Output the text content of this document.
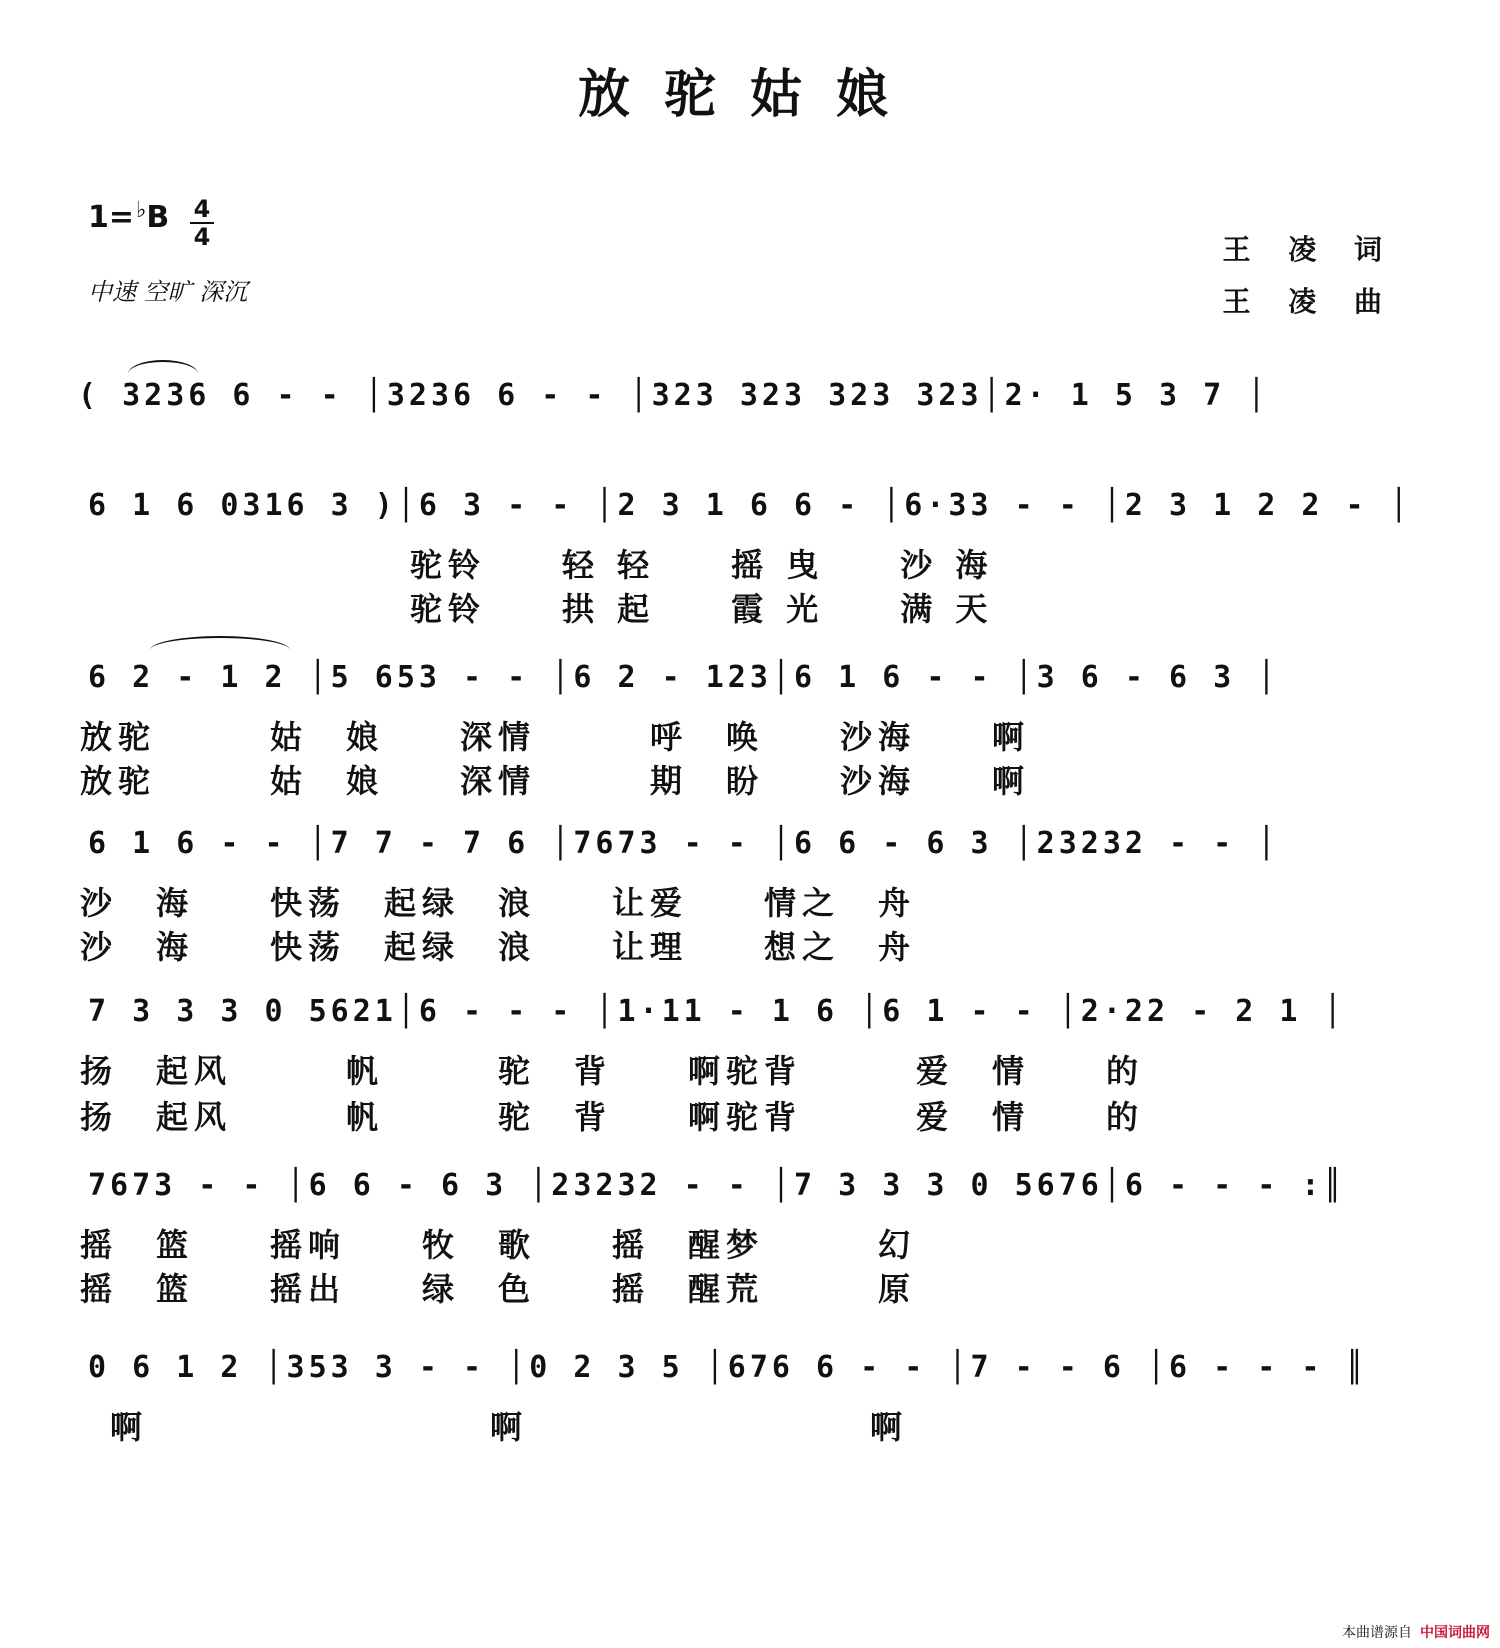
放驼姑娘
1=♭B 4
4
中速 空旷 深沉
王 凌 词
王 凌 曲
( 3236 6 - - │3236 6 - - │323 323 323 323│2· 1 5 3 7 │
6 1 6 0316 3 )│6 3 - - │2 3 1 6 6 - │6·33 - - │2 3 1 2 2 - │
驼铃　　轻 轻　　摇 曳　　沙 海
驼铃　　拱 起　　霞 光　　满 天
6 2 - 1 2 │5 653 - - │6 2 - 123│6 1 6 - - │3 6 - 6 3 │
放驼　　　姑　娘　　深情　　　呼　唤　　沙海　　啊
放驼　　　姑　娘　　深情　　　期　盼　　沙海　　啊
6 1 6 - - │7 7 - 7 6 │7673 - - │6 6 - 6 3 │23232 - - │
沙　海　　快荡　起绿　浪　　让爱　　情之　舟
沙　海　　快荡　起绿　浪　　让理　　想之　舟
7 3 3 3 0 5621│6 - - - │1·11 - 1 6 │6 1 - - │2·22 - 2 1 │
扬　起风　　　帆　　　驼　背　　啊驼背　　　爱　情　　的
扬　起风　　　帆　　　驼　背　　啊驼背　　　爱　情　　的
7673 - - │6 6 - 6 3 │23232 - - │7 3 3 3 0 5676│6 - - - :║
摇　篮　　摇响　　牧　歌　　摇　醒梦　　　幻
摇　篮　　摇出　　绿　色　　摇　醒荒　　　原
0 6 1 2 │353 3 - - │0 2 3 5 │676 6 - - │7 - - 6 │6 - - - ║
啊　　　　　　　　　啊　　　　　　　　　啊
本曲谱源自 中国词曲网
